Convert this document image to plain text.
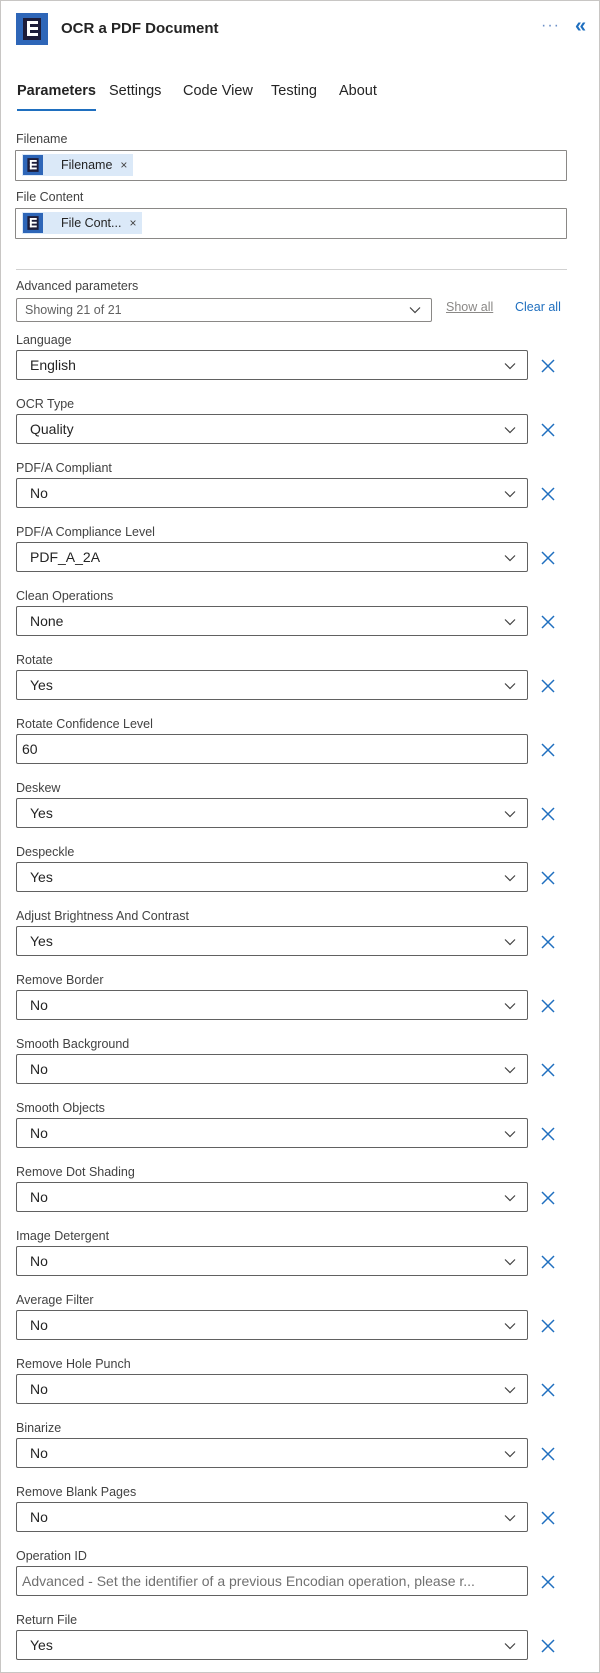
OCR a PDF Document	··· «
Parameters Settings Code View Testing About
Filename
Filename ×
File Content
File Cont... ×
Advanced parameters
Showing 21 of 21	Show all Clear all
Language
English
OCR Type
Quality
PDF/A Compliant
No
PDF/A Compliance Level
PDF_A_2A
Clean Operations
None
Rotate
Yes
Rotate Confidence Level
60
Deskew
Yes
Despeckle
Yes
Adjust Brightness And Contrast
Yes
Remove Border
No
Smooth Background
No
Smooth Objects
No
Remove Dot Shading
No
Image Detergent
No
Average Filter
No
Remove Hole Punch
No
Binarize
No
Remove Blank Pages
No
Operation ID
Advanced - Set the identifier of a previous Encodian operation, please r...
Return File
Yes
